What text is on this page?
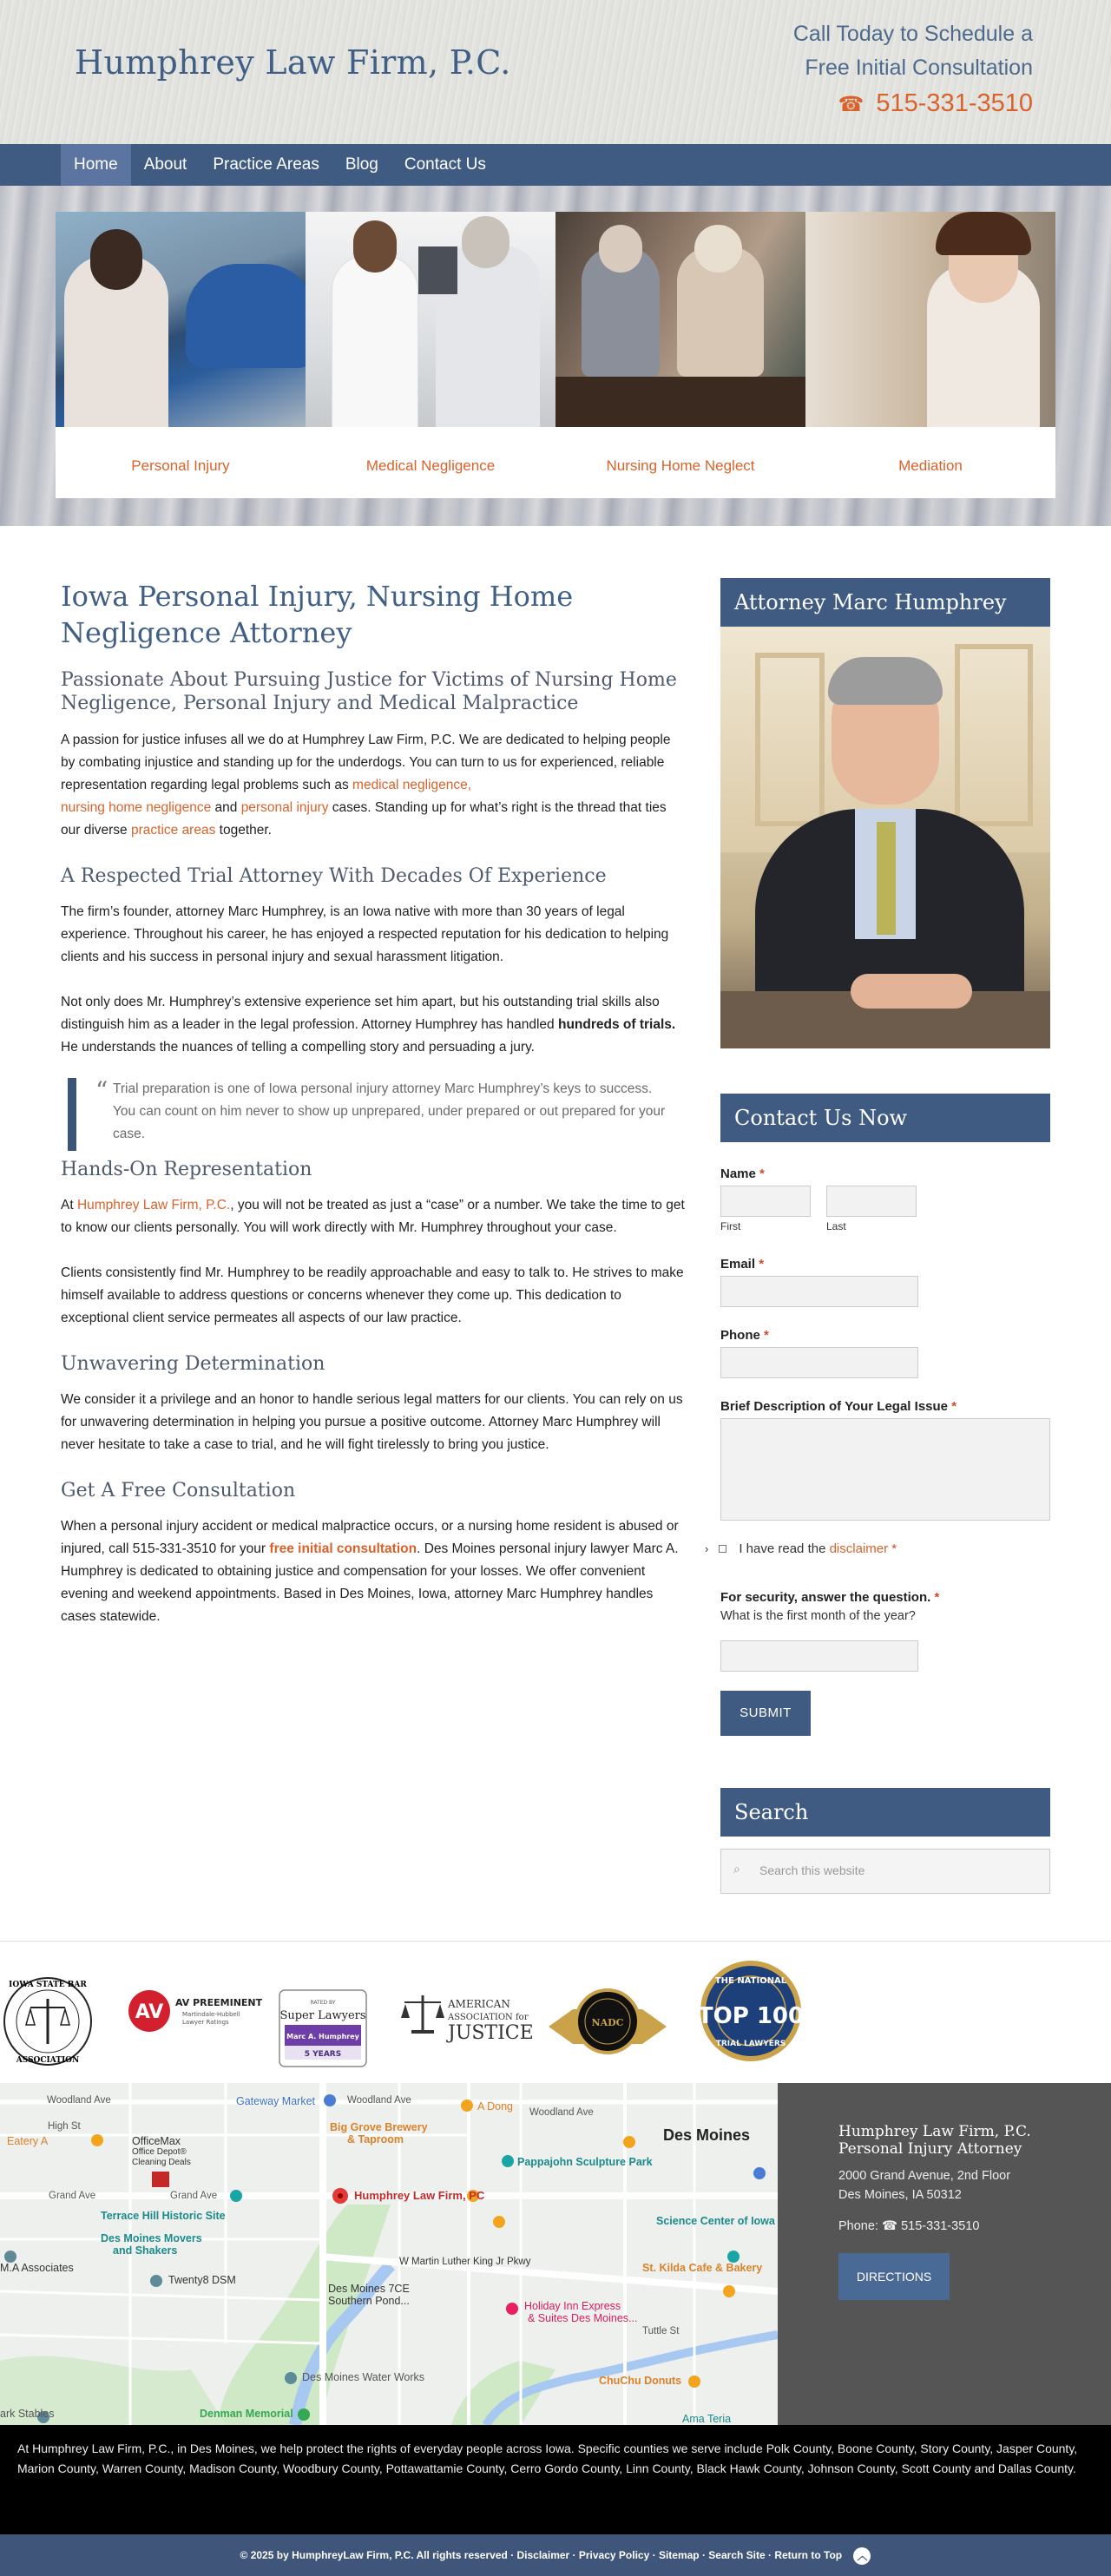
Humphrey Law Firm, P.C.
Call Today to Schedule a
Free Initial Consultation
☎ 515-331-3510
Home	About	Practice Areas	Blog	Contact Us
Personal Injury	Medical Negligence	Nursing Home Neglect	Mediation
Iowa Personal Injury, Nursing Home Negligence Attorney
Passionate About Pursuing Justice for Victims of Nursing Home Negligence, Personal Injury and Medical Malpractice

A passion for justice infuses all we do at Humphrey Law Firm, P.C. We are dedicated to helping people by combating injustice and standing up for the underdogs. You can turn to us for experienced, reliable representation regarding legal problems such as medical negligence,
nursing home negligence and personal injury cases. Standing up for what’s right is the thread that ties our diverse practice areas together.

A Respected Trial Attorney With Decades Of Experience

The firm’s founder, attorney Marc Humphrey, is an Iowa native with more than 30 years of legal experience. Throughout his career, he has enjoyed a respected reputation for his dedication to helping clients and his success in personal injury and sexual harassment litigation.

Not only does Mr. Humphrey’s extensive experience set him apart, but his outstanding trial skills also distinguish him as a leader in the legal profession. Attorney Humphrey has handled hundreds of trials. He understands the nuances of telling a compelling story and persuading a jury.

“ Trial preparation is one of Iowa personal injury attorney Marc Humphrey’s keys to success. You can count on him never to show up unprepared, under prepared or out prepared for your case.

Hands-On Representation

At Humphrey Law Firm, P.C., you will not be treated as just a “case” or a number. We take the time to get to know our clients personally. You will work directly with Mr. Humphrey throughout your case.

Clients consistently find Mr. Humphrey to be readily approachable and easy to talk to. He strives to make himself available to address questions or concerns whenever they come up. This dedication to exceptional client service permeates all aspects of our law practice.

Unwavering Determination

We consider it a privilege and an honor to handle serious legal matters for our clients. You can rely on us for unwavering determination in helping you pursue a positive outcome. Attorney Marc Humphrey will never hesitate to take a case to trial, and he will fight tirelessly to bring you justice.

Get A Free Consultation

When a personal injury accident or medical malpractice occurs, or a nursing home resident is abused or injured, call 515-331-3510 for your free initial consultation. Des Moines personal injury lawyer Marc A. Humphrey is dedicated to obtaining justice and compensation for your losses. We offer convenient evening and weekend appointments. Based in Des Moines, Iowa, attorney Marc Humphrey handles cases statewide.

Attorney Marc Humphrey
Contact Us Now
Name *
First	Last
Email *
Phone *
Brief Description of Your Legal Issue *
› I have read the disclaimer *
For security, answer the question. *
What is the first month of the year?
SUBMIT
Search
⌕ Search this website
IOWA STATE BAR
ASSOCIATION
AV AV PREEMINENT
Martindale-Hubbell
Lawyer Ratings
RATED BY
Super Lawyers
Marc A. Humphrey
5 YEARS
AMERICAN
ASSOCIATION for
JUSTICE	NADC
THE NATIONAL
TOP 100
TRIAL LAWYERS
Woodland Ave	Gateway Market	Woodland Ave	A Dong Woodland Ave
Des Moines
High St
OfficeMax
Office Depot®
Cleaning Deals
Eatery A
Big Grove Brewery
& Taproom
Pappajohn Sculpture Park
Grand Ave	Grand Ave
Terrace Hill Historic Site
Humphrey Law Firm, PC
Science Center of Iowa
Des Moines Movers
and Shakers
W Martin Luther King Jr Pkwy
M.A Associates
Twenty8 DSM
St. Kilda Cafe & Bakery
Des Moines 7CE
Southern Pond...	Holiday Inn Express
& Suites Des Moines...
Tuttle St
Des Moines Water Works	ChuChu Donuts
ark Stables	Denman Memorial	Ama Teria
Humphrey Law Firm, P.C.
Personal Injury Attorney
2000 Grand Avenue, 2nd Floor
Des Moines, IA 50312
Phone: ☎ 515-331-3510
DIRECTIONS
At Humphrey Law Firm, P.C., in Des Moines, we help protect the rights of everyday people across Iowa. Specific counties we serve include Polk County, Boone County, Story County, Jasper County, Marion County, Warren County, Madison County, Woodbury County, Pottawattamie County, Cerro Gordo County, Linn County, Black Hawk County, Johnson County, Scott County and Dallas County.
© 2025 by HumphreyLaw Firm, P.C. All rights reserved · Disclaimer · Privacy Policy · Sitemap · Search Site · Return to Top ︿
